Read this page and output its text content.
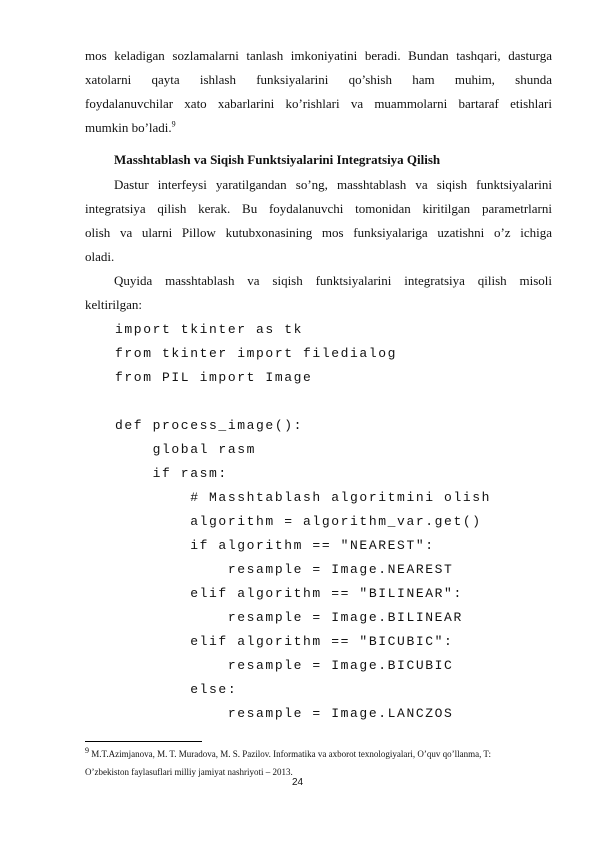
mos keladigan sozlamalarni tanlash imkoniyatini beradi. Bundan tashqari, dasturga
xatolarni qayta ishlash funksiyalarini qo’shish ham muhim, shunda
foydalanuvchilar xato xabarlarini ko’rishlari va muammolarni bartaraf etishlari
mumkin bo’ladi.$^9$
Masshtablash va Siqish Funktsiyalarini Integratsiya Qilish
Dastur interfeysi yaratilgandan so’ng, masshtablash va siqish funktsiyalarini
integratsiya qilish kerak. Bu foydalanuvchi tomonidan kiritilgan parametrlarni
olish va ularni Pillow kutubxonasining mos funksiyalariga uzatishni o’z ichiga
oladi.
Quyida masshtablash va siqish funktsiyalarini integratsiya qilish misoli
keltirilgan:
import tkinter as tk
from tkinter import filedialog
from PIL import Image
def process_image():
global rasm
if rasm:
# Masshtablash algoritmini olish
algorithm = algorithm_var.get()
if algorithm == "NEAREST":
resample = Image.NEAREST
elif algorithm == "BILINEAR":
resample = Image.BILINEAR
elif algorithm == "BICUBIC":
resample = Image.BICUBIC
else:
resample = Image.LANCZOS
$^9$ M.T.Azimjanova, M. T. Muradova, M. S. Pazilov. Informatika va axborot texnologiyalari, O’quv qo’llanma, T:
O’zbekiston faylasuflari milliy jamiyat nashriyoti – 2013.
24
